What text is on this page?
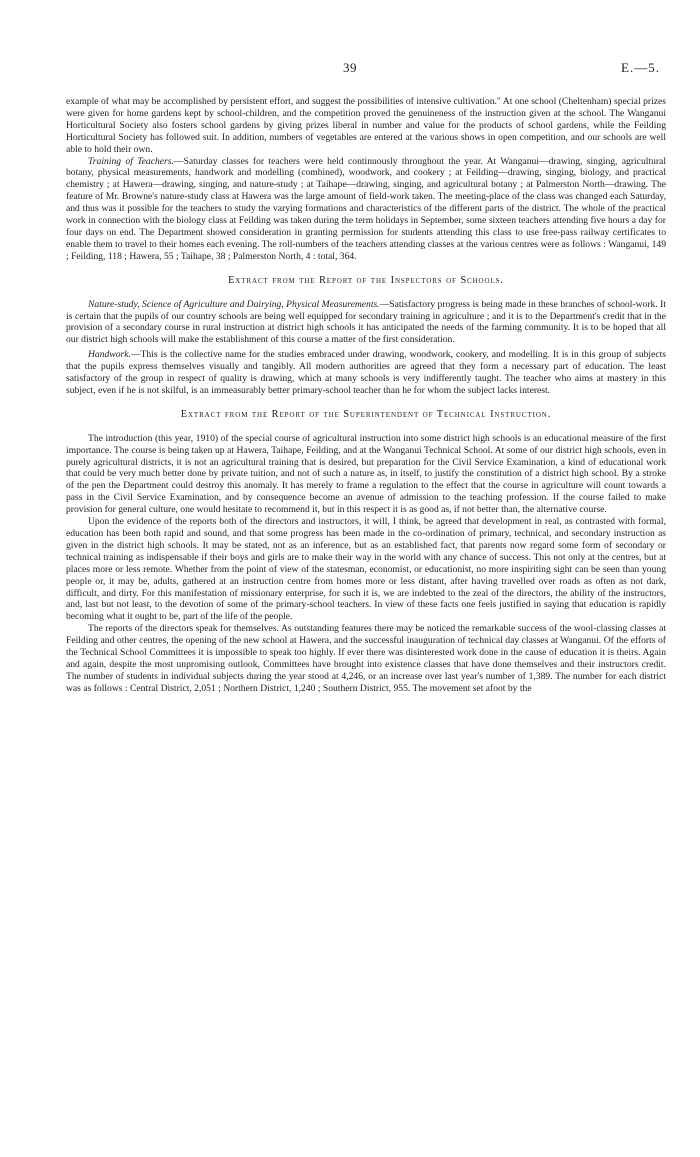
39	E.—5.

example of what may be accomplished by persistent effort, and suggest the possibilities of intensive cultivation." At one school (Cheltenham) special prizes were given for home gardens kept by school-children, and the competition proved the genuineness of the instruction given at the school. The Wanganui Horticultural Society also fosters school gardens by giving prizes liberal in number and value for the products of school gardens, while the Feilding Horticultural Society has followed suit. In addition, numbers of vegetables are entered at the various shows in open competition, and our schools are well able to hold their own.

Training of Teachers.—Saturday classes for teachers were held continuously throughout the year. At Wanganui—drawing, singing, agricultural botany, physical measurements, handwork and modelling (combined), woodwork, and cookery ; at Feilding—drawing, singing, biology, and practical chemistry ; at Hawera—drawing, singing, and nature-study ; at Taihape—drawing, singing, and agricultural botany ; at Palmerston North—drawing. The feature of Mr. Browne's nature-study class at Hawera was the large amount of field-work taken. The meeting-place of the class was changed each Saturday, and thus was it possible for the teachers to study the varying formations and characteristics of the different parts of the district. The whole of the practical work in connection with the biology class at Feilding was taken during the term holidays in September, some sixteen teachers attending five hours a day for four days on end. The Department showed consideration in granting permission for students attending this class to use free-pass railway certificates to enable them to travel to their homes each evening. The roll-numbers of the teachers attending classes at the various centres were as follows : Wanganui, 149 ; Feilding, 118 ; Hawera, 55 ; Taihape, 38 ; Palmerston North, 4 : total, 364.

Extract from the Report of the Inspectors of Schools.

Nature-study, Science of Agriculture and Dairying, Physical Measurements.—Satisfactory progress is being made in these branches of school-work. It is certain that the pupils of our country schools are being well equipped for secondary training in agriculture ; and it is to the Department's credit that in the provision of a secondary course in rural instruction at district high schools it has anticipated the needs of the farming community. It is to be hoped that all our district high schools will make the establishment of this course a matter of the first consideration.

Handwork.—This is the collective name for the studies embraced under drawing, woodwork, cookery, and modelling. It is in this group of subjects that the pupils express themselves visually and tangibly. All modern authorities are agreed that they form a necessary part of education. The least satisfactory of the group in respect of quality is drawing, which at many schools is very indifferently taught. The teacher who aims at mastery in this subject, even if he is not skilful, is an immeasurably better primary-school teacher than he for whom the subject lacks interest.

Extract from the Report of the Superintendent of Technical Instruction.

The introduction (this year, 1910) of the special course of agricultural instruction into some district high schools is an educational measure of the first importance. The course is being taken up at Hawera, Taihape, Feilding, and at the Wanganui Technical School. At some of our district high schools, even in purely agricultural districts, it is not an agricultural training that is desired, but preparation for the Civil Service Examination, a kind of educational work that could be very much better done by private tuition, and not of such a nature as, in itself, to justify the constitution of a district high school. By a stroke of the pen the Department could destroy this anomaly. It has merely to frame a regulation to the effect that the course in agriculture will count towards a pass in the Civil Service Examination, and by consequence become an avenue of admission to the teaching profession. If the course failed to make provision for general culture, one would hesitate to recommend it, but in this respect it is as good as, if not better than, the alternative course.

Upon the evidence of the reports both of the directors and instructors, it will, I think, be agreed that development in real, as contrasted with formal, education has been both rapid and sound, and that some progress has been made in the co-ordination of primary, technical, and secondary instruction as given in the district high schools. It may be stated, not as an inference, but as an established fact, that parents now regard some form of secondary or technical training as indispensable if their boys and girls are to make their way in the world with any chance of success. This not only at the centres, but at places more or less remote. Whether from the point of view of the statesman, economist, or educationist, no more inspiriting sight can be seen than young people or, it may be, adults, gathered at an instruction centre from homes more or less distant, after having travelled over roads as often as not dark, difficult, and dirty. For this manifestation of missionary enterprise, for such it is, we are indebted to the zeal of the directors, the ability of the instructors, and, last but not least, to the devotion of some of the primary-school teachers. In view of these facts one feels justified in saying that education is rapidly becoming what it ought to be, part of the life of the people.

The reports of the directors speak for themselves. As outstanding features there may be noticed the remarkable success of the wool-classing classes at Feilding and other centres, the opening of the new school at Hawera, and the successful inauguration of technical day classes at Wanganui. Of the efforts of the Technical School Committees it is impossible to speak too highly. If ever there was disinterested work done in the cause of education it is theirs. Again and again, despite the most unpromising outlook, Committees have brought into existence classes that have done themselves and their instructors credit. The number of students in individual subjects during the year stood at 4,246, or an increase over last year's number of 1,389. The number for each district was as follows : Central District, 2,051 ; Northern District, 1,240 ; Southern District, 955. The movement set afoot by the
